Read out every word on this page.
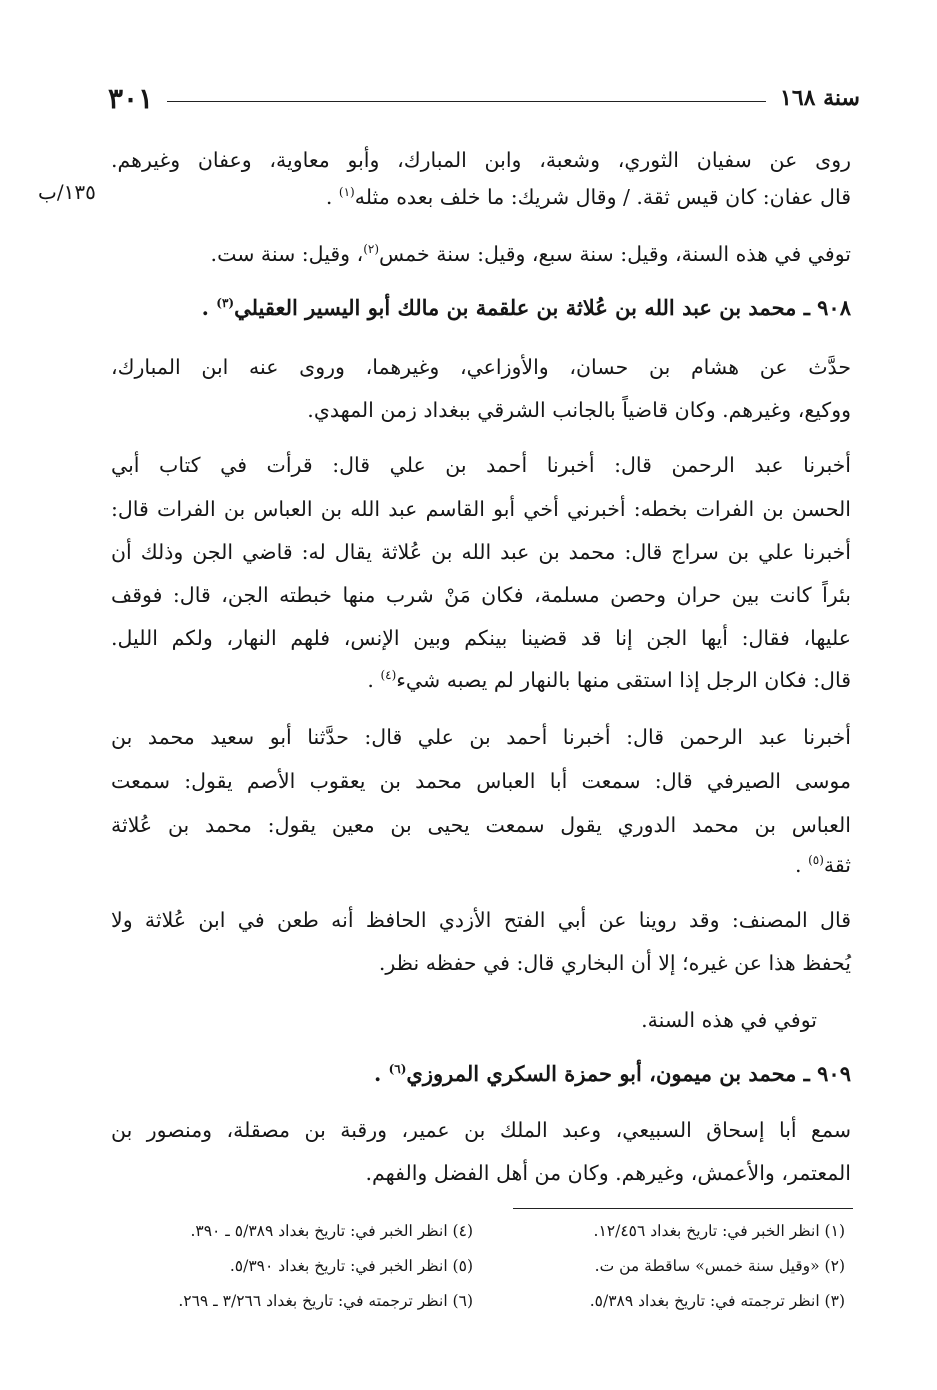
سنة ١٦٨
٣٠١
١٣٥/ب
روى عن سفيان الثوري، وشعبة، وابن المبارك، وأبو معاوية، وعفان وغيرهم.
قال عفان: كان قيس ثقة. / وقال شريك: ما خلف بعده مثله$^{(١)}$ .
توفي في هذه السنة، وقيل: سنة سبع، وقيل: سنة خمس$^{(٢)}$، وقيل: سنة ست.
٩٠٨ ـ محمد بن عبد الله بن عُلاثة بن علقمة بن مالك أبو اليسير العقيلي$^{(٣)}$ .
حدَّث عن هشام بن حسان، والأوزاعي، وغيرهما، وروى عنه ابن المبارك،
ووكيع، وغيرهم. وكان قاضياً بالجانب الشرقي ببغداد زمن المهدي.
أخبرنا عبد الرحمن قال: أخبرنا أحمد بن علي قال: قرأت في كتاب أبي
الحسن بن الفرات بخطه: أخبرني أخي أبو القاسم عبد الله بن العباس بن الفرات قال:
أخبرنا علي بن سراج قال: محمد بن عبد الله بن عُلاثة يقال له: قاضي الجن وذلك أن
بئراً كانت بين حران وحصن مسلمة، فكان مَنْ شرب منها خبطته الجن، قال: فوقف
عليها، فقال: أيها الجن إنا قد قضينا بينكم وبين الإنس، فلهم النهار، ولكم الليل.
قال: فكان الرجل إذا استقى منها بالنهار لم يصبه شيء$^{(٤)}$ .
أخبرنا عبد الرحمن قال: أخبرنا أحمد بن علي قال: حدَّثنا أبو سعيد محمد بن
موسى الصيرفي قال: سمعت أبا العباس محمد بن يعقوب الأصم يقول: سمعت
العباس بن محمد الدوري يقول سمعت يحيى بن معين يقول: محمد بن عُلاثة
ثقة$^{(٥)}$ .
قال المصنف: وقد روينا عن أبي الفتح الأزدي الحافظ أنه طعن في ابن عُلاثة ولا
يُحفظ هذا عن غيره؛ إلا أن البخاري قال: في حفظه نظر.
توفي في هذه السنة.
٩٠٩ ـ محمد بن ميمون، أبو حمزة السكري المروزي$^{(٦)}$ .
سمع أبا إسحاق السبيعي، وعبد الملك بن عمير، ورقبة بن مصقلة، ومنصور بن
المعتمر، والأعمش، وغيرهم. وكان من أهل الفضل والفهم.
(١) انظر الخبر في: تاريخ بغداد ١٢/٤٥٦.
(٢) «وقيل سنة خمس» ساقطة من ت.
(٣) انظر ترجمته في: تاريخ بغداد ٥/٣٨٩.
(٤) انظر الخبر في: تاريخ بغداد ٥/٣٨٩ ـ ٣٩٠.
(٥) انظر الخبر في: تاريخ بغداد ٥/٣٩٠.
(٦) انظر ترجمته في: تاريخ بغداد ٣/٢٦٦ ـ ٢٦٩.
